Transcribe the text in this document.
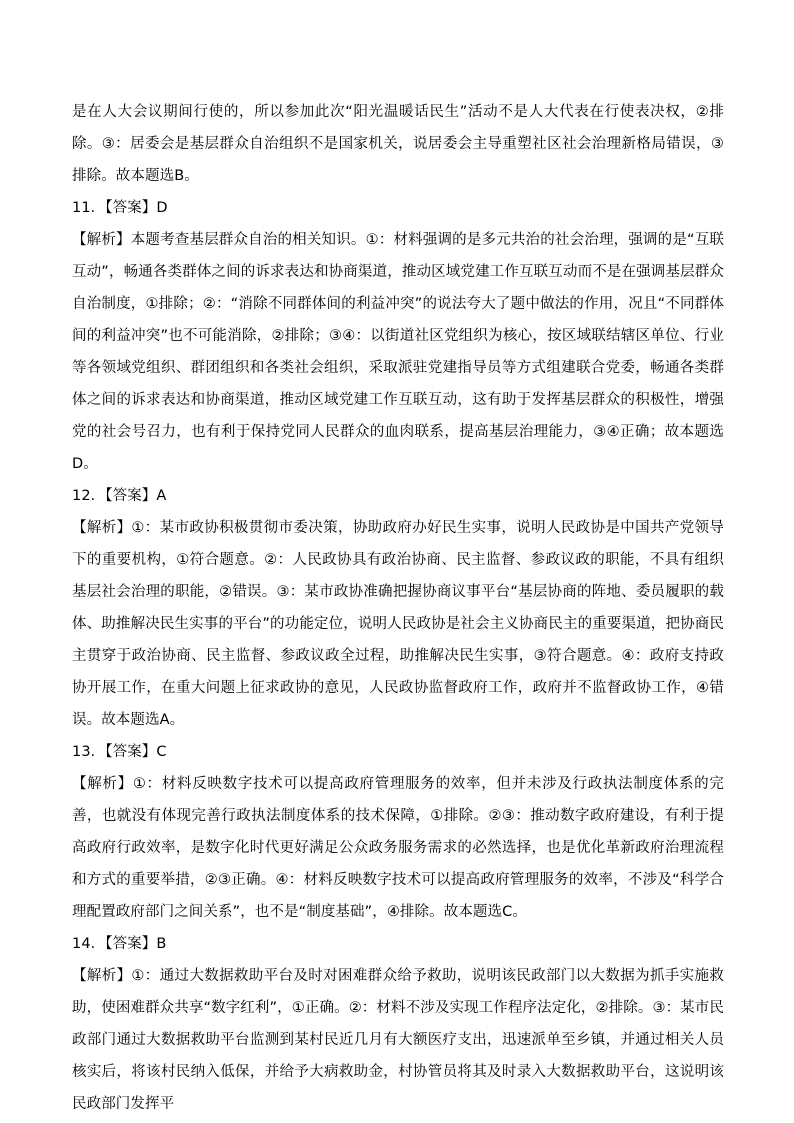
是在人大会议期间行使的，所以参加此次“阳光温暖话民生”活动不是人大代表在行使表决权，②排除。③：居委会是基层群众自治组织不是国家机关，说居委会主导重塑社区社会治理新格局错误，③排除。故本题选B。

11．【答案】D

【解析】本题考查基层群众自治的相关知识。①：材料强调的是多元共治的社会治理，强调的是“互联互动”，畅通各类群体之间的诉求表达和协商渠道，推动区域党建工作互联互动而不是在强调基层群众自治制度，①排除；②：“消除不同群体间的利益冲突”的说法夸大了题中做法的作用，况且“不同群体间的利益冲突”也不可能消除，②排除；③④：以街道社区党组织为核心，按区域联结辖区单位、行业等各领域党组织、群团组织和各类社会组织，采取派驻党建指导员等方式组建联合党委，畅通各类群体之间的诉求表达和协商渠道，推动区域党建工作互联互动，这有助于发挥基层群众的积极性，增强党的社会号召力，也有利于保持党同人民群众的血肉联系，提高基层治理能力，③④正确；故本题选D。

12．【答案】A

【解析】①：某市政协积极贯彻市委决策，协助政府办好民生实事，说明人民政协是中国共产党领导下的重要机构，①符合题意。②：人民政协具有政治协商、民主监督、参政议政的职能，不具有组织基层社会治理的职能，②错误。③：某市政协准确把握协商议事平台“基层协商的阵地、委员履职的载体、助推解决民生实事的平台”的功能定位，说明人民政协是社会主义协商民主的重要渠道，把协商民主贯穿于政治协商、民主监督、参政议政全过程，助推解决民生实事，③符合题意。④：政府支持政协开展工作，在重大问题上征求政协的意见，人民政协监督政府工作，政府并不监督政协工作，④错误。故本题选A。

13．【答案】C

【解析】①：材料反映数字技术可以提高政府管理服务的效率，但并未涉及行政执法制度体系的完善，也就没有体现完善行政执法制度体系的技术保障，①排除。②③：推动数字政府建设，有利于提高政府行政效率，是数字化时代更好满足公众政务服务需求的必然选择，也是优化革新政府治理流程和方式的重要举措，②③正确。④：材料反映数字技术可以提高政府管理服务的效率，不涉及“科学合理配置政府部门之间关系”，也不是“制度基础”，④排除。故本题选C。

14．【答案】B

【解析】①：通过大数据救助平台及时对困难群众给予救助，说明该民政部门以大数据为抓手实施救助，使困难群众共享“数字红利”，①正确。②：材料不涉及实现工作程序法定化，②排除。③：某市民政部门通过大数据救助平台监测到某村民近几月有大额医疗支出，迅速派单至乡镇，并通过相关人员核实后，将该村民纳入低保，并给予大病救助金，村协管员将其及时录入大数据救助平台，这说明该民政部门发挥平
